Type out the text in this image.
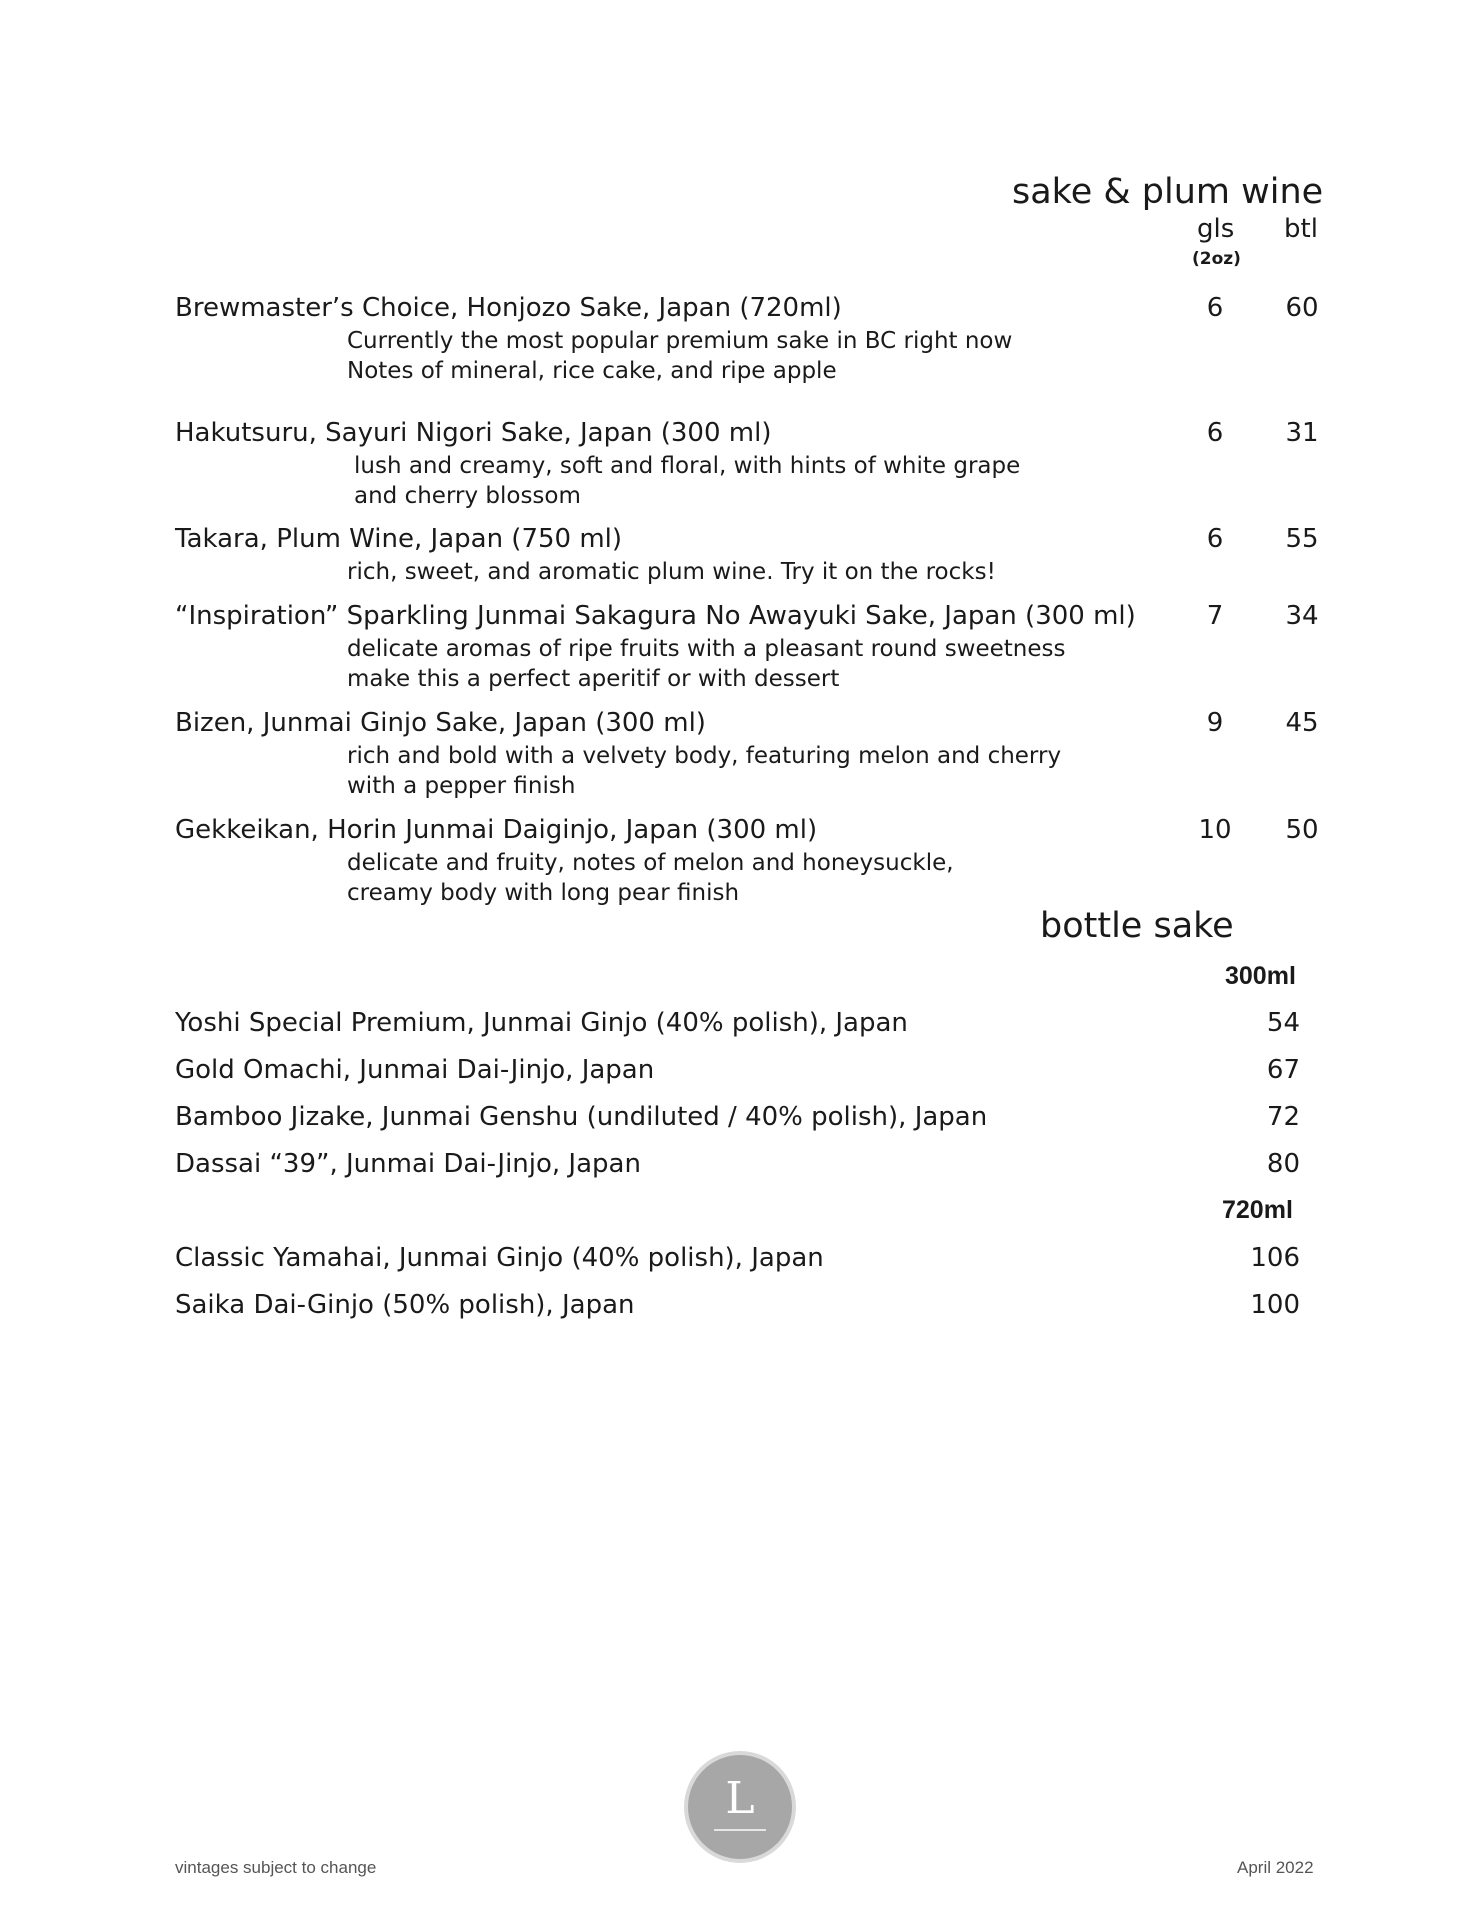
sake & plum wine
gls
(2oz)
btl
Brewmaster’s Choice, Honjozo Sake, Japan (720ml)
Currently the most popular premium sake in BC right now
Notes of mineral, rice cake, and ripe apple
6	60
Hakutsuru, Sayuri Nigori Sake, Japan (300 ml)
lush and creamy, soft and floral, with hints of white grape
and cherry blossom
6	31
Takara, Plum Wine, Japan (750 ml)
rich, sweet, and aromatic plum wine. Try it on the rocks!
6	55
“Inspiration” Sparkling Junmai Sakagura No Awayuki Sake, Japan (300 ml)
delicate aromas of ripe fruits with a pleasant round sweetness
make this a perfect aperitif or with dessert
7	34
Bizen, Junmai Ginjo Sake, Japan (300 ml)
rich and bold with a velvety body, featuring melon and cherry
with a pepper finish
9	45
Gekkeikan, Horin Junmai Daiginjo, Japan (300 ml)
delicate and fruity, notes of melon and honeysuckle,
creamy body with long pear finish
10	50
bottle sake
300ml
Yoshi Special Premium, Junmai Ginjo (40% polish), Japan	54
Gold Omachi, Junmai Dai-Jinjo, Japan	67
Bamboo Jizake, Junmai Genshu (undiluted / 40% polish), Japan	72
Dassai “39”, Junmai Dai-Jinjo, Japan	80
720ml
Classic Yamahai, Junmai Ginjo (40% polish), Japan	106
Saika Dai-Ginjo (50% polish), Japan	100
L
vintages subject to change	April 2022
